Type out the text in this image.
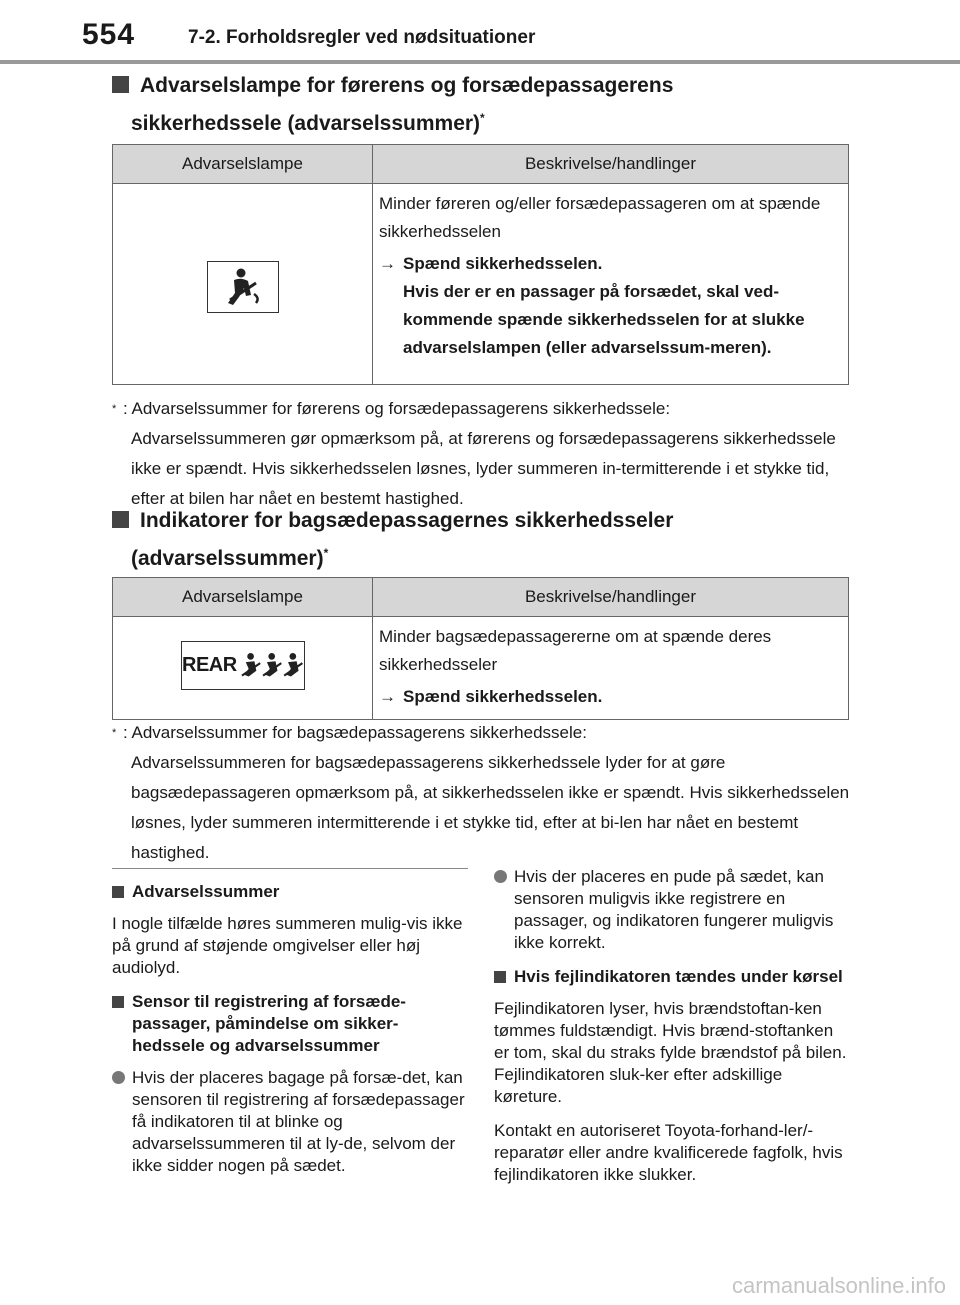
554	7-2. Forholdsregler ved nødsituationer
Advarselslampe for førerens og forsædepassagerens
sikkerhedssele (advarselssummer)*
Advarselslampe	Beskrivelse/handlinger

Minder føreren og/eller forsædepassageren om at spænde sikkerhedsselen
→ Spænd sikkerhedsselen.
Hvis der er en passager på forsædet, skal ved-kommende spænde sikkerhedsselen for at slukke advarselslampen (eller advarselssum-meren).
* : Advarselssummer for førerens og forsædepassagerens sikkerhedssele:
Advarselssummeren gør opmærksom på, at førerens og forsædepassagerens sikkerhedssele ikke er spændt. Hvis sikkerhedsselen løsnes, lyder summeren in-termitterende i et stykke tid, efter at bilen har nået en bestemt hastighed.
Indikatorer for bagsædepassagernes sikkerhedsseler
(advarselssummer)*
Advarselslampe	Beskrivelse/handlinger

REAR	Minder bagsædepassagererne om at spænde deres sikkerhedsseler
→ Spænd sikkerhedsselen.
* : Advarselssummer for bagsædepassagerens sikkerhedssele:
Advarselssummeren for bagsædepassagerens sikkerhedssele lyder for at gøre bagsædepassageren opmærksom på, at sikkerhedsselen ikke er spændt. Hvis sikkerhedsselen løsnes, lyder summeren intermitterende i et stykke tid, efter at bi-len har nået en bestemt hastighed.
Advarselssummer

I nogle tilfælde høres summeren mulig-vis ikke på grund af støjende omgivelser eller høj audiolyd.

Sensor til registrering af forsæde-passager, påmindelse om sikker-hedssele og advarselssummer
Hvis der placeres bagage på forsæ-det, kan sensoren til registrering af forsædepassager få indikatoren til at blinke og advarselssummeren til at ly-de, selvom der ikke sidder nogen på sædet.
Hvis der placeres en pude på sædet, kan sensoren muligvis ikke registrere en passager, og indikatoren fungerer muligvis ikke korrekt.
Hvis fejlindikatoren tændes under kørsel

Fejlindikatoren lyser, hvis brændstoftan-ken tømmes fuldstændigt. Hvis brænd-stoftanken er tom, skal du straks fylde brændstof på bilen. Fejlindikatoren sluk-ker efter adskillige køreture.

Kontakt en autoriseret Toyota-forhand-ler/-reparatør eller andre kvalificerede fagfolk, hvis fejlindikatoren ikke slukker.

carmanualsonline.info
